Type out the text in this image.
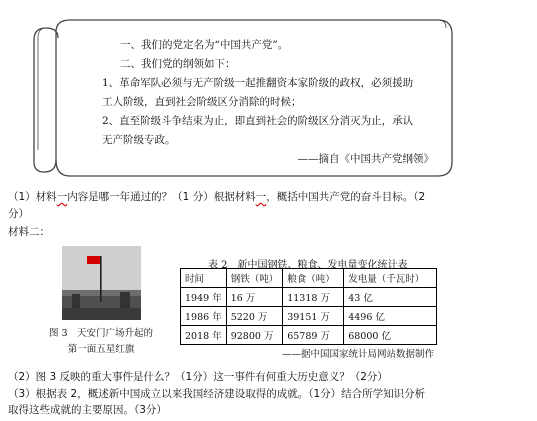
一、我们的党定名为“中国共产党”。
二、我们党的纲领如下：
1、革命军队必须与无产阶级一起推翻资本家阶级的政权，必须援助
工人阶级，直到社会阶级区分消除的时候；
2、直至阶级斗争结束为止，即直到社会的阶级区分消灭为止，承认
无产阶级专政。
——摘自《中国共产党纲领》
（1）材料一内容是哪一年通过的？（1 分）根据材料一，概括中国共产党的奋斗目标。（2
分）
材料二：
图 3　天安门广场升起的
第一面五星红旗
表 2　新中国钢铁、粮食、发电量变化统计表
时间	钢铁（吨）	粮食（吨）	发电量（千瓦时）
1949 年	16 万	11318 万	43 亿
1986 年	5220 万	39151 万	4496 亿
2018 年	92800 万	65789 万	68000 亿
——据中国国家统计局网站数据制作
（2）图 3 反映的重大事件是什么？（1分）这一事件有何重大历史意义？（2分）
（3）根据表 2，概述新中国成立以来我国经济建设取得的成就。（1分）结合所学知识分析
取得这些成就的主要原因。（3分）
